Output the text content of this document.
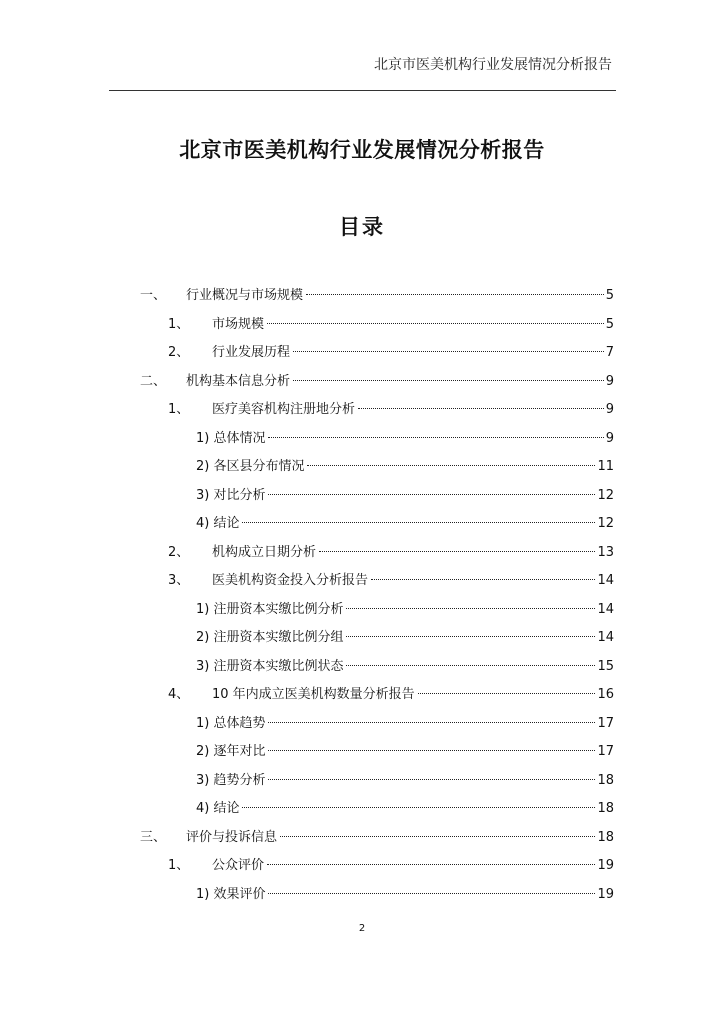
北京市医美机构行业发展情况分析报告
北京市医美机构行业发展情况分析报告
目录
一、 行业概况与市场规模	5
1、 市场规模	5
2、 行业发展历程	7
二、 机构基本信息分析	9
1、 医疗美容机构注册地分析	9
1) 总体情况	9
2) 各区县分布情况	11
3) 对比分析	12
4) 结论	12
2、 机构成立日期分析	13
3、 医美机构资金投入分析报告	14
1) 注册资本实缴比例分析	14
2) 注册资本实缴比例分组	14
3) 注册资本实缴比例状态	15
4、 10 年内成立医美机构数量分析报告	16
1) 总体趋势	17
2) 逐年对比	17
3) 趋势分析	18
4) 结论	18
三、 评价与投诉信息	18
1、 公众评价	19
1) 效果评价	19
2
